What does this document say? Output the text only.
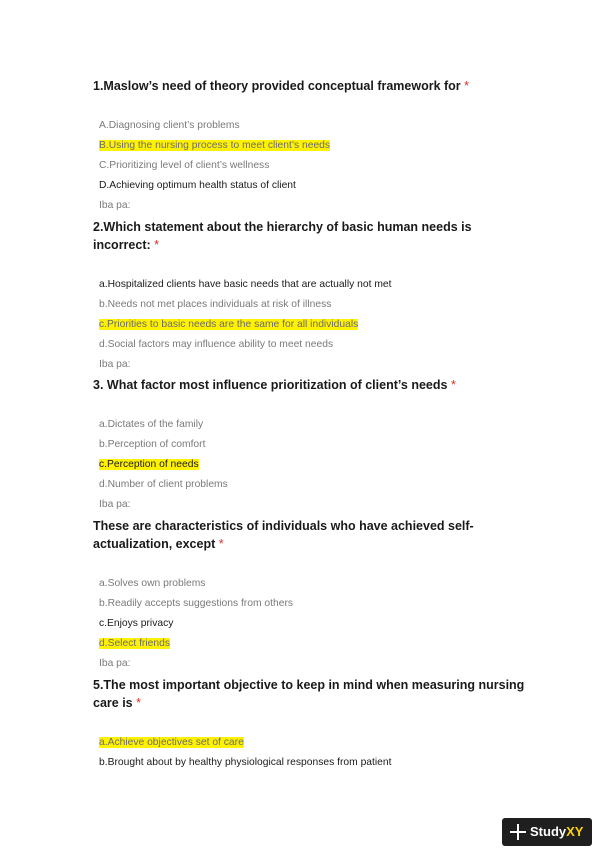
1.Maslow’s need of theory provided conceptual framework for *
A.Diagnosing client’s problems
B.Using the nursing process to meet client’s needs
C.Prioritizing level of client’s wellness
D.Achieving optimum health status of client
Iba pa:
2.Which statement about the hierarchy of basic human needs is incorrect: *
a.Hospitalized clients have basic needs that are actually not met
b.Needs not met places individuals at risk of illness
c.Priorities to basic needs are the same for all individuals
d.Social factors may influence ability to meet needs
Iba pa:
3. What factor most influence prioritization of client’s needs *
a.Dictates of the family
b.Perception of comfort
c.Perception of needs
d.Number of client problems
Iba pa:
These are characteristics of individuals who have achieved self-actualization, except *
a.Solves own problems
b.Readily accepts suggestions from others
c.Enjoys privacy
d.Select friends
Iba pa:
5.The most important objective to keep in mind when measuring nursing care is *
a.Achieve objectives set of care
b.Brought about by healthy physiological responses from patient
StudyXY
